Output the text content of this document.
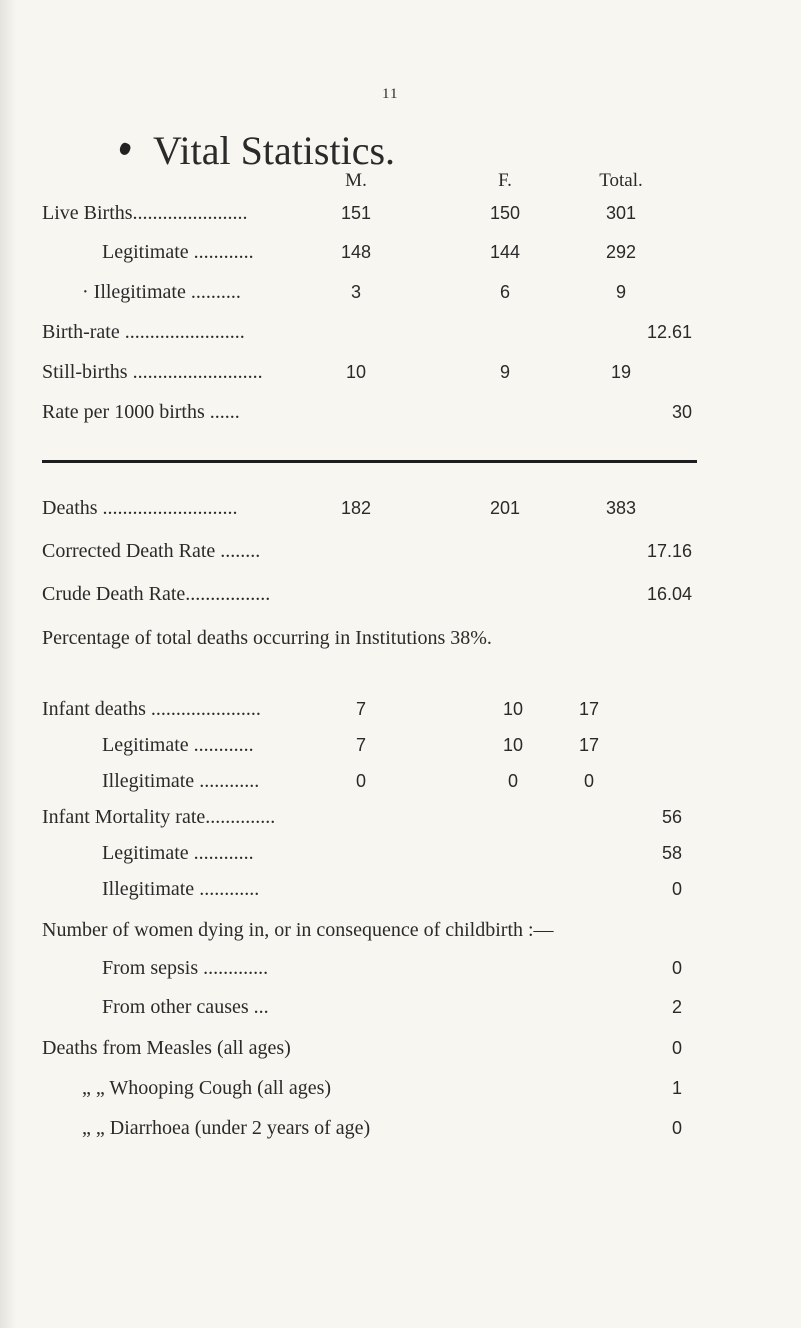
11
Vital Statistics.
M.	F.	Total.
Live Births.......................	151	150	301
Legitimate ............	148	144	292
· Illegitimate ..........	3	6	9
Birth-rate ........................	12.61
Still-births ..........................	10	9	19
Rate per 1000 births ......	30
Deaths ...........................	182	201	383
Corrected Death Rate ........	17.16
Crude Death Rate.................	16.04
Percentage of total deaths occurring in Institutions 38%.
Infant deaths ......................	7	10	17
Legitimate ............	7	10	17
Illegitimate ............	0	0	0
Infant Mortality rate..............	56
Legitimate ............	58
Illegitimate ............	0
Number of women dying in, or in consequence of childbirth :—
From sepsis .............	0
From other causes ...	2
Deaths from Measles (all ages)	0
„ „ Whooping Cough (all ages)	1
„ „ Diarrhoea (under 2 years of age)	0
